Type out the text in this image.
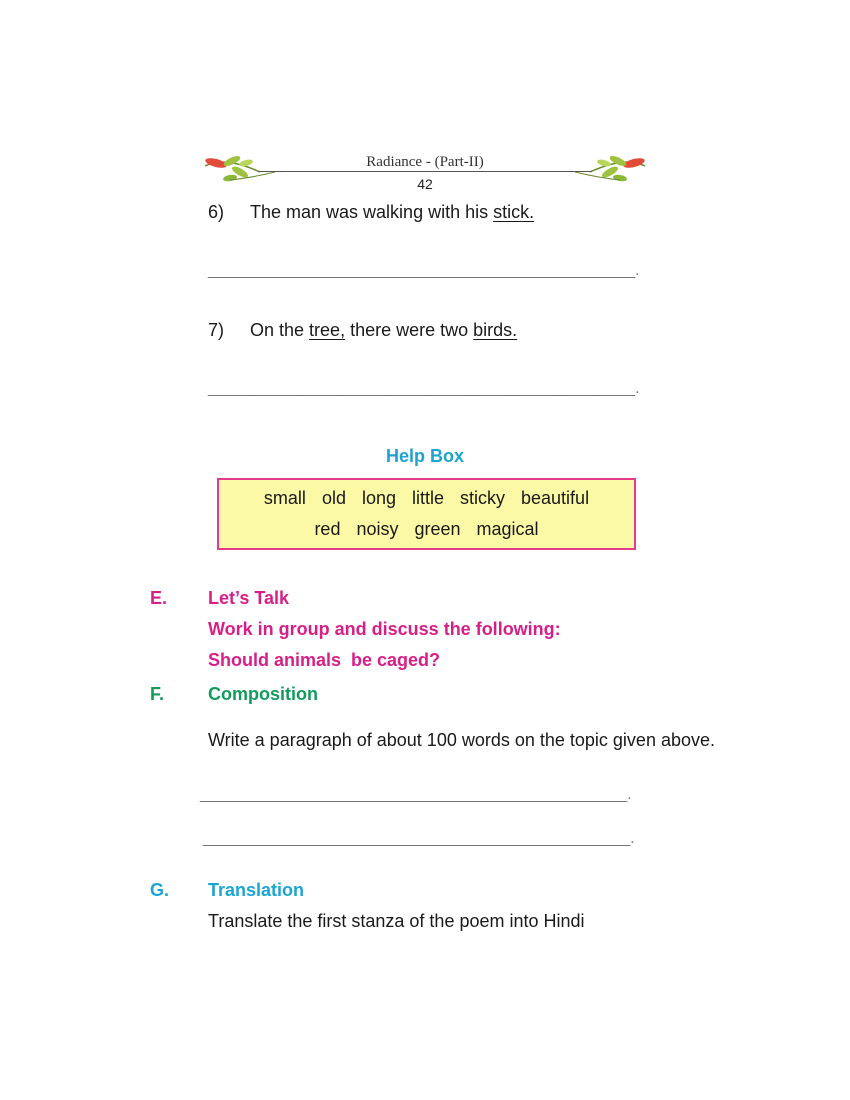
Radiance - (Part-II)
42
6) The man was walking with his stick.
________________________________________________.
7) On the tree, there were two birds.
________________________________________________.
Help Box
small old long little sticky beautiful
red noisy green magical
E. Let’s Talk
Work in group and discuss the following:
Should animals  be caged?
F. Composition
Write a paragraph of about 100 words on the topic given above.
________________________________________________.
________________________________________________.
G. Translation
Translate the first stanza of the poem into Hindi
